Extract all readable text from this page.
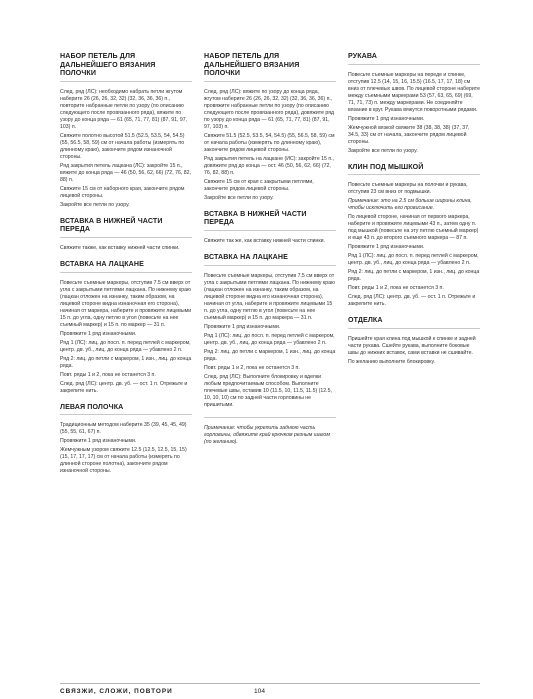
НАБОР ПЕТЕЛЬ ДЛЯ ДАЛЬНЕЙШЕГО ВЯЗАНИЯ ПОЛОЧКИ

След. ряд (ЛС): необходимо набрать петли жгутом наберите 26 (26, 26, 32, 32) (32, 36, 36, 36) п., повторите набранные петли по узору (по описанию следующего после провязанного ряда), вяжите по узору до конца ряда — 61 (65, 71, 77, 81) (87, 91, 97, 103) п.

Свяжите полотно высотой 51.5 (52.5, 53.5, 54, 54.5) (55, 56.5, 58, 59) см от начала работы (измерять по длинному краю), закончите рядом изнаночной стороны.

Ряд закрытия петель лацкана (ЛС): закройте 15 п., вяжите до конца ряда — 46 (50, 56, 62, 66) (72, 76, 82, 88) п.

Свяжите 15 см от наборного края, закончите рядом лицевой стороны.

Закройте все петли по узору.

ВСТАВКА В НИЖНЕЙ ЧАСТИ ПЕРЕДА

Свяжите также, как вставку нижней части спинки.

ВСТАВКА НА ЛАЦКАНЕ

Повесьте съемные маркеры, отступив 7.5 см вверх от угла с закрытыми петлями лацкана. По нижнему краю (лацкан отложен на изнанку, таким образом, на лицевой стороне видна изнаночная его сторона), начиная от маркера, наберите и провяжите лицевыми 15 п. до угла, одну петлю в угол (повесьте на нее съемный маркер) и 15 п. по маркер — 31 п.

Провяжите 1 ряд изнаночными.

Ряд 1 (ЛС): лиц. до посл. п. перед петлей с маркером, центр. дв. уб., лиц. до конца ряда — убавлено 2 п.

Ряд 2: лиц. до петли с маркером, 1 изн., лиц. до конца ряда.

Повт. ряды 1 и 2, пока не останется 3 п.

След. ряд (ЛС): центр. дв. уб. — ост. 1 п. Отрежьте и закрепите нить.

ЛЕВАЯ ПОЛОЧКА

Традиционным методом наберите 35 (39, 45, 45, 49) (55, 55, 61, 67) п.

Провяжите 1 ряд изнаночными.

Жемчужным узором свяжите 12.5 (12.5, 12.5, 15, 15) (15, 17, 17, 17) см от начала работы (измерять по длинной стороне полотна), закончите рядом изнаночной стороны.

НАБОР ПЕТЕЛЬ ДЛЯ ДАЛЬНЕЙШЕГО ВЯЗАНИЯ ПОЛОЧКИ

След. ряд (ЛС): вяжите по узору до конца ряда, жгутом наберите 26 (26, 26, 32, 32) (32, 36, 36, 36) п., провяжите набранные петли по узору (по описанию следующего после провязанного ряда), довяжите ряд по узору до конца ряда — 61 (65, 71, 77, 81) (87, 91, 97, 103) п.

Свяжите 51.5 (52.5, 53.5, 54, 54.5) (55, 56.5, 58, 59) см от начала работы (измерять по длинному краю), закончите рядом лицевой стороны.

Ряд закрытия петель на лацкане (ИС): закройте 15 п., довяжите ряд до конца — ост. 46 (50, 56, 62, 66) (72, 76, 82, 88) п.

Свяжите 15 см от края с закрытыми петлями, закончите рядом лицевой стороны.

Закройте все петли по узору.

ВСТАВКА В НИЖНЕЙ ЧАСТИ ПЕРЕДА

Свяжите так же, как вставку нижней части спинки.

ВСТАВКА НА ЛАЦКАНЕ

Повесьте съемные маркеры, отступив 7.5 см вверх от угла с закрытыми петлями лацкана. По нижнему краю (лацкан отложен на изнанку, таким образом, на лицевой стороне видна его изнаночная сторона), начиная от угла, наберите и провяжите лицевыми 15 п. до угла, одну петлю в угол (повесьте на нее съемный маркер) и 15 п. до маркера — 31 п.

Провяжите 1 ряд изнаночными.

Ряд 1 (ЛС): лиц. до посл. п. перед петлей с маркером, центр. дв. уб., лиц. до конца ряда — убавлено 2 п.

Ряд 2: лиц. до петли с маркером, 1 изн., лиц. до конца ряда.

Повт. ряды 1 и 2, пока не останется 3 п.

След. ряд (ЛС): Выполните блокировку и вделки любым предпочитаемым способом. Выполните плечевые швы, оставив 10 (11.5, 10, 11.5, 11.5) (12.5, 10, 10, 10) см по задней части горловины не пришитыми.

Примечание: чтобы укрепить заднюю часть горловины, обвяжите край крючком резным шагом (по желанию).

РУКАВА

Повесьте съемные маркеры на переде и спинке, отступив 12.5 (14, 15, 16, 15.5) (16.5, 17, 17, 18) см вниз от плечевых швов. По лицевой стороне наберите между съемными маркерами 53 (57, 63, 65, 69) (69, 71, 71, 73) п. между маркерами. Не соединяйте вязание в круг. Рукава вяжутся поворотными рядами.

Провяжите 1 ряд изнаночными.

Жемчужной вязкой свяжите 38 (38, 38, 38) (37, 37, 34.5, 33) см от начала, закончите рядом лицевой стороны.

Закройте все петли по узору.

КЛИН ПОД МЫШКОЙ

Повесьте съемные маркеры на полочки и рукава, отступив 23 см вниз от подмышки.

Примечание: это на 2.5 см больше ширины клина, чтобы исключить его провисание.

По лицевой стороне, начиная от первого маркера, наберите и провяжите лицевыми 43 п., затем одну п. под мышкой (повесьте на эту петлю съемный маркер) и еще 43 п. до второго съемного маркера — 87 п.

Провяжите 1 ряд изнаночными.

Ряд 1 (ЛС): лиц. до посл. п. перед петлей с маркером, центр. дв. уб., лиц. до конца ряда — убавлено 2 п.

Ряд 2: лиц. до петли с маркером, 1 изн., лиц. до конца ряда.

Повт. ряды 1 и 2, пока не останется 3 п.

След. ряд (ЛС): центр. дв. уб. — ост. 1 п. Отрежьте и закрепите нить.

ОТДЕЛКА

Пришейте края клина под мышкой к спинке и задней части рукава. Сшейте рукава, выполните боковые швы до нижних вставок, сами вставки не сшивайте.

По желанию выполните блокировку.

СВЯЗЖИ, СЛОЖИ, ПОВТОРИ	104
